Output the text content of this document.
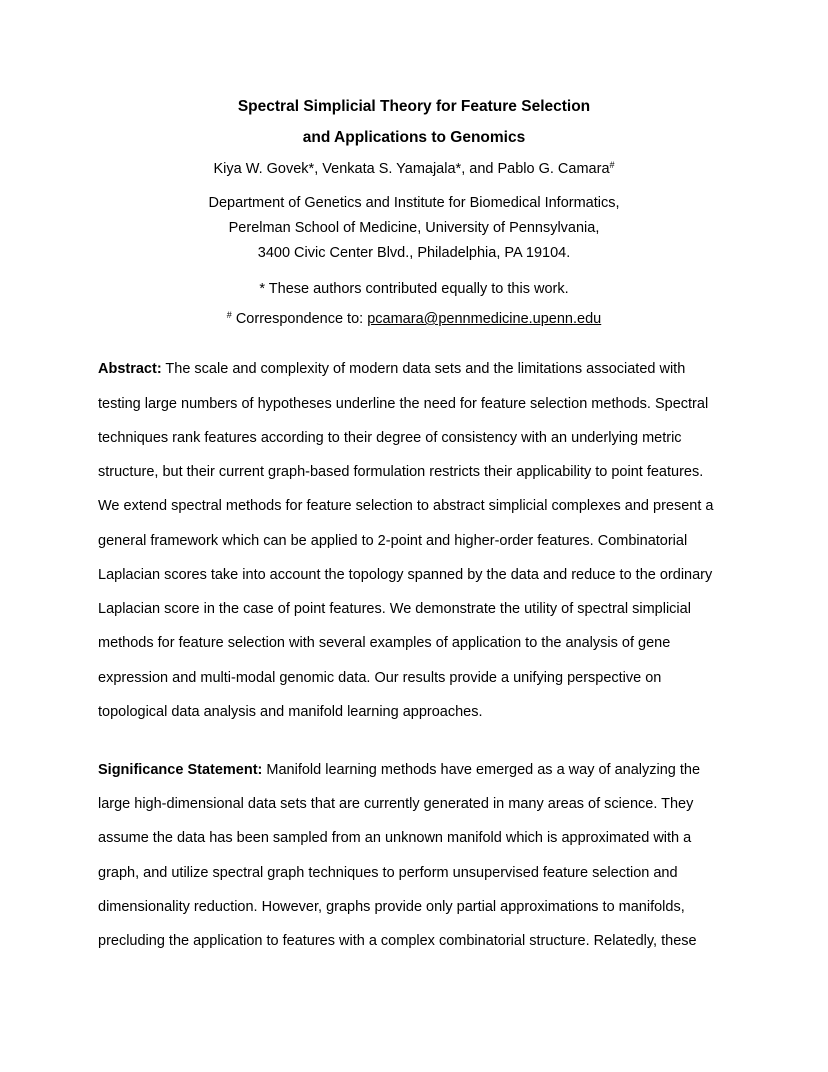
Spectral Simplicial Theory for Feature Selection
and Applications to Genomics
Kiya W. Govek*, Venkata S. Yamajala*, and Pablo G. Camara#
Department of Genetics and Institute for Biomedical Informatics,
Perelman School of Medicine, University of Pennsylvania,
3400 Civic Center Blvd., Philadelphia, PA 19104.
* These authors contributed equally to this work.
# Correspondence to: pcamara@pennmedicine.upenn.edu
Abstract: The scale and complexity of modern data sets and the limitations associated with
testing large numbers of hypotheses underline the need for feature selection methods. Spectral
techniques rank features according to their degree of consistency with an underlying metric
structure, but their current graph-based formulation restricts their applicability to point features.
We extend spectral methods for feature selection to abstract simplicial complexes and present a
general framework which can be applied to 2-point and higher-order features. Combinatorial
Laplacian scores take into account the topology spanned by the data and reduce to the ordinary
Laplacian score in the case of point features. We demonstrate the utility of spectral simplicial
methods for feature selection with several examples of application to the analysis of gene
expression and multi-modal genomic data. Our results provide a unifying perspective on
topological data analysis and manifold learning approaches.
Significance Statement: Manifold learning methods have emerged as a way of analyzing the
large high-dimensional data sets that are currently generated in many areas of science. They
assume the data has been sampled from an unknown manifold which is approximated with a
graph, and utilize spectral graph techniques to perform unsupervised feature selection and
dimensionality reduction. However, graphs provide only partial approximations to manifolds,
precluding the application to features with a complex combinatorial structure. Relatedly, these
